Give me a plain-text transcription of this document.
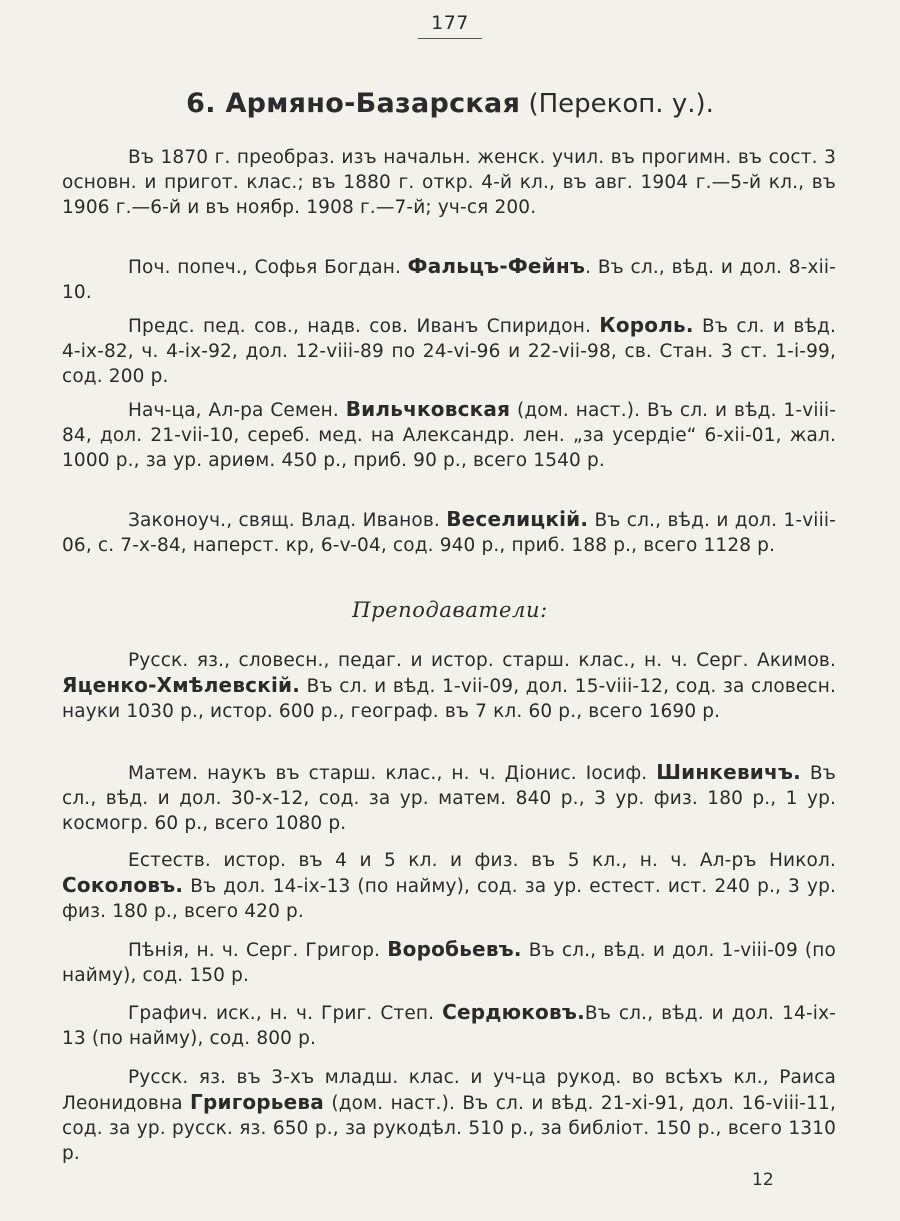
177
6. Армяно-Базарская (Перекоп. у.).
Въ 1870 г. преобраз. изъ начальн. женск. учил. въ прогимн. въ сост. 3 основн. и пригот. клас.; въ 1880 г. откр. 4-й кл., въ авг. 1904 г.—5-й кл., въ 1906 г.—6-й и въ ноябр. 1908 г.—7-й; уч-ся 200.
Поч. попеч., Софья Богдан. Фальцъ-Фейнъ. Въ сл., вѣд. и дол. 8-xii-10.
Предс. пед. сов., надв. сов. Иванъ Спиридон. Король. Въ сл. и вѣд. 4-ix-82, ч. 4-ix-92, дол. 12-viii-89 по 24-vi-96 и 22-vii-98, св. Стан. 3 ст. 1-i-99, сод. 200 р.
Нач-ца, Ал-ра Семен. Вильчковская (дом. наст.). Въ сл. и вѣд. 1-viii-84, дол. 21-vii-10, сереб. мед. на Александр. лен. „за усердіе“ 6-xii-01, жал. 1000 р., за ур. ариѳм. 450 р., приб. 90 р., всего 1540 р.
Законоуч., свящ. Влад. Иванов. Веселицкій. Въ сл., вѣд. и дол. 1-viii-06, с. 7-x-84, наперст. кр, 6-v-04, сод. 940 р., приб. 188 р., всего 1128 р.
Преподаватели:
Русск. яз., словесн., педаг. и истор. старш. клас., н. ч. Серг. Акимов. Яценко-Хмѣлевскій. Въ сл. и вѣд. 1-vii-09, дол. 15-viii-12, сод. за словесн. науки 1030 р., истор. 600 р., географ. въ 7 кл. 60 р., всего 1690 р.
Матем. наукъ въ старш. клас., н. ч. Діонис. Іосиф. Шинкевичъ. Въ сл., вѣд. и дол. 30-x-12, сод. за ур. матем. 840 р., 3 ур. физ. 180 р., 1 ур. космогр. 60 р., всего 1080 р.
Естеств. истор. въ 4 и 5 кл. и физ. въ 5 кл., н. ч. Ал-ръ Никол. Соколовъ. Въ дол. 14-ix-13 (по найму), сод. за ур. естест. ист. 240 р., 3 ур. физ. 180 р., всего 420 р.
Пѣнія, н. ч. Серг. Григор. Воробьевъ. Въ сл., вѣд. и дол. 1-viii-09 (по найму), сод. 150 р.
Графич. иск., н. ч. Григ. Степ. Сердюковъ.Въ сл., вѣд. и дол. 14-ix-13 (по найму), сод. 800 р.
Русск. яз. въ 3-хъ младш. клас. и уч-ца рукод. во всѣхъ кл., Раиса Леонидовна Григорьева (дом. наст.). Въ сл. и вѣд. 21-xi-91, дол. 16-viii-11, сод. за ур. русск. яз. 650 р., за рукодѣл. 510 р., за библіот. 150 р., всего 1310 р.
12
